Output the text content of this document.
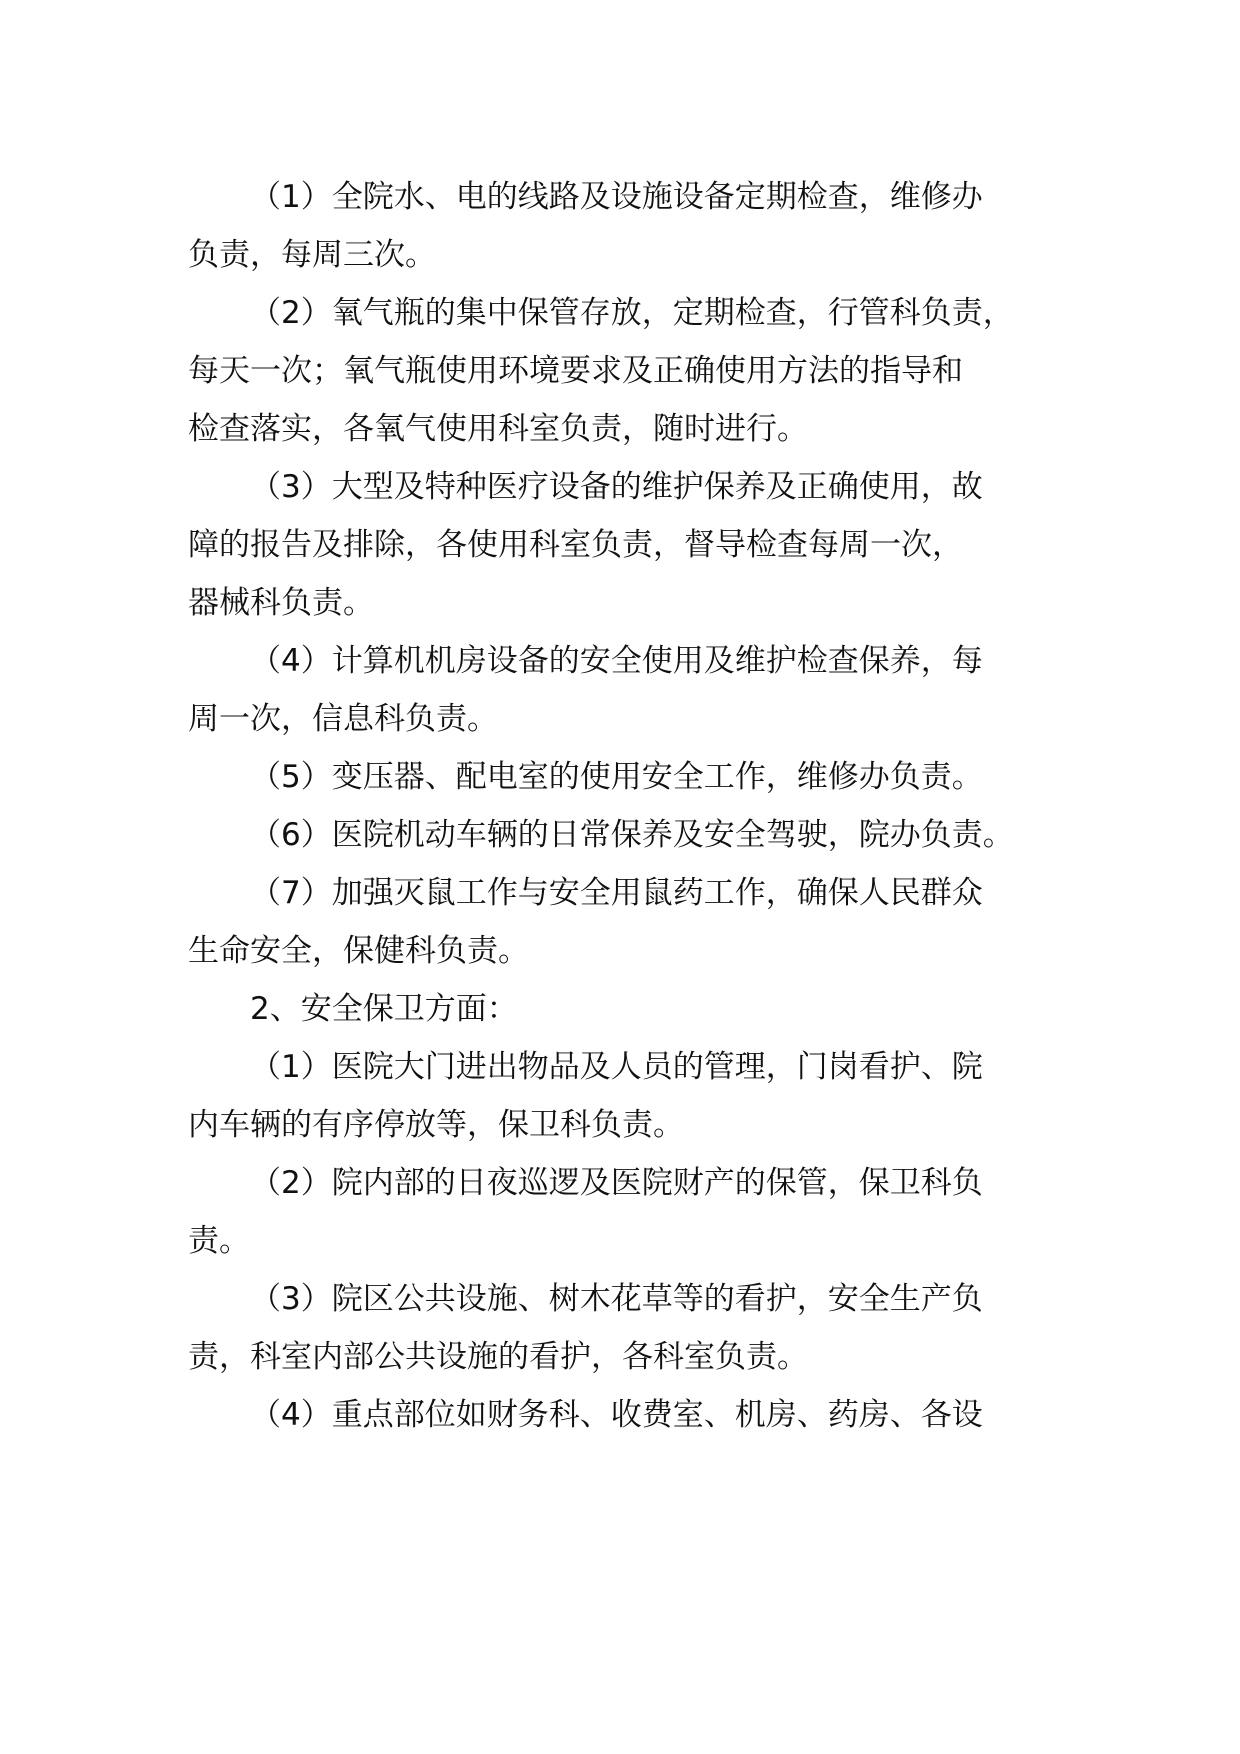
（1）全院水、电的线路及设施设备定期检查，维修办
负责，每周三次。
（2）氧气瓶的集中保管存放，定期检查，行管科负责，
每天一次；氧气瓶使用环境要求及正确使用方法的指导和
检查落实，各氧气使用科室负责，随时进行。
（3）大型及特种医疗设备的维护保养及正确使用，故
障的报告及排除，各使用科室负责，督导检查每周一次，
器械科负责。
（4）计算机机房设备的安全使用及维护检查保养，每
周一次，信息科负责。
（5）变压器、配电室的使用安全工作，维修办负责。
（6）医院机动车辆的日常保养及安全驾驶，院办负责。
（7）加强灭鼠工作与安全用鼠药工作，确保人民群众
生命安全，保健科负责。
2、安全保卫方面：
（1）医院大门进出物品及人员的管理，门岗看护、院
内车辆的有序停放等，保卫科负责。
（2）院内部的日夜巡逻及医院财产的保管，保卫科负
责。
（3）院区公共设施、树木花草等的看护，安全生产负
责，科室内部公共设施的看护，各科室负责。
（4）重点部位如财务科、收费室、机房、药房、各设
